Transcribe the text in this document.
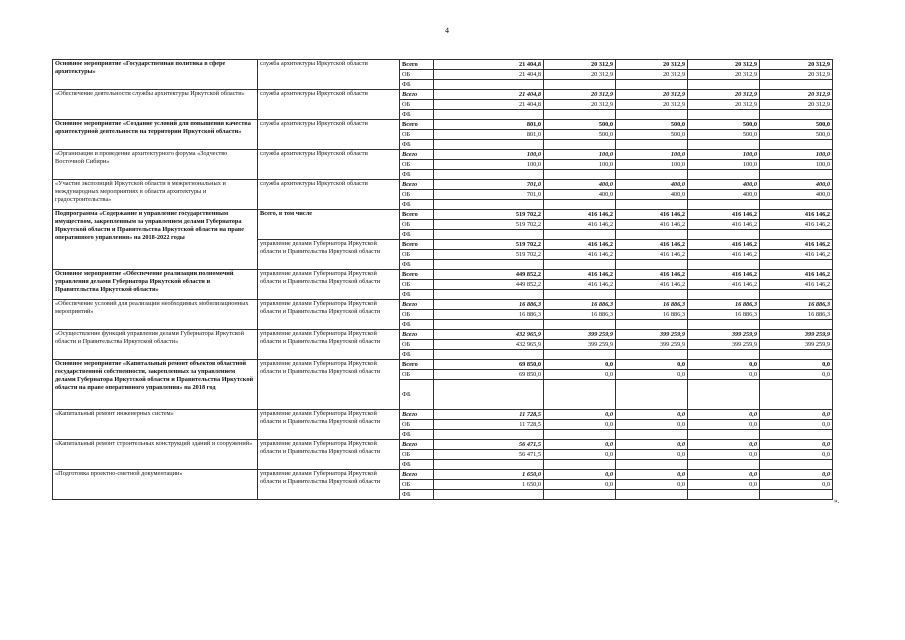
4
Основное мероприятие «Государственная политика в сфере архитектуры»	служба архитектуры Иркутской области	Всего	21 404,8	20 312,9	20 312,9	20 312,9	20 312,9
		ОБ	21 404,8	20 312,9	20 312,9	20 312,9	20 312,9
		ФБ					
«Обеспечение деятельности службы архитектуры Иркутской области»	служба архитектуры Иркутской области	Всего	21 404,8	20 312,9	20 312,9	20 312,9	20 312,9
		ОБ	21 404,8	20 312,9	20 312,9	20 312,9	20 312,9
		ФБ					
Основное мероприятие «Создание условий для повышения качества архитектурной деятельности на территории Иркутской области»	служба архитектуры Иркутской области	Всего	801,0	500,0	500,0	500,0	500,0
		ОБ	801,0	500,0	500,0	500,0	500,0
		ФБ					
«Организация и проведение архитектурного форума «Зодчество Восточной Сибири»	служба архитектуры Иркутской области	Всего	100,0	100,0	100,0	100,0	100,0
		ОБ	100,0	100,0	100,0	100,0	100,0
		ФБ					
«Участие экспозиций Иркутской области в межрегиональных и международных мероприятиях в области архитектуры и градостроительства»	служба архитектуры Иркутской области	Всего	701,0	400,0	400,0	400,0	400,0
		ОБ	701,0	400,0	400,0	400,0	400,0
		ФБ					
Подпрограмма «Содержание и управление государственным имуществом, закрепленным за управлением делами Губернатора Иркутской области и Правительства Иркутской области на праве оперативного управления» на 2018-2022 годы	Всего, в том числе	Всего	519 702,2	416 146,2	416 146,2	416 146,2	416 146,2
		ОБ	519 702,2	416 146,2	416 146,2	416 146,2	416 146,2
		ФБ					
	управление делами Губернатора Иркутской области и Правительства Иркутской области	Всего	519 702,2	416 146,2	416 146,2	416 146,2	416 146,2
		ОБ	519 702,2	416 146,2	416 146,2	416 146,2	416 146,2
		ФБ					
Основное мероприятие «Обеспечение реализации полномочий управления делами Губернатора Иркутской области и Правительства Иркутской области»	управление делами Губернатора Иркутской области и Правительства Иркутской области	Всего	449 852,2	416 146,2	416 146,2	416 146,2	416 146,2
		ОБ	449 852,2	416 146,2	416 146,2	416 146,2	416 146,2
		ФБ					
«Обеспечение условий для реализации необходимых мобилизационных мероприятий»	управление делами Губернатора Иркутской области и Правительства Иркутской области	Всего	16 886,3	16 886,3	16 886,3	16 886,3	16 886,3
		ОБ	16 886,3	16 886,3	16 886,3	16 886,3	16 886,3
		ФБ					
«Осуществление функций управления делами Губернатора Иркутской области и Правительства Иркутской области»	управление делами Губернатора Иркутской области и Правительства Иркутской области	Всего	432 965,9	399 259,9	399 259,9	399 259,9	399 259,9
		ОБ	432 965,9	399 259,9	399 259,9	399 259,9	399 259,9
		ФБ					
Основное мероприятие «Капитальный ремонт объектов областной государственной собственности, закрепленных за управлением делами Губернатора Иркутской области и Правительства Иркутской области на праве оперативного управления» на 2018 год	управление делами Губернатора Иркутской области и Правительства Иркутской области	Всего	69 850,0	0,0	0,0	0,0	0,0
		ОБ	69 850,0	0,0	0,0	0,0	0,0
		ФБ					
«Капитальный ремонт инженерных систем»	управление делами Губернатора Иркутской области и Правительства Иркутской области	Всего	11 728,5	0,0	0,0	0,0	0,0
		ОБ	11 728,5	0,0	0,0	0,0	0,0
		ФБ					
«Капитальный ремонт строительных конструкций зданий и сооружений»	управление делами Губернатора Иркутской области и Правительства Иркутской области	Всего	56 471,5	0,0	0,0	0,0	0,0
		ОБ	56 471,5	0,0	0,0	0,0	0,0
		ФБ					
«Подготовка проектно-сметной документации»	управление делами Губернатора Иркутской области и Правительства Иркутской области	Всего	1 650,0	0,0	0,0	0,0	0,0
		ОБ	1 650,0	0,0	0,0	0,0	0,0
		ФБ					
».
